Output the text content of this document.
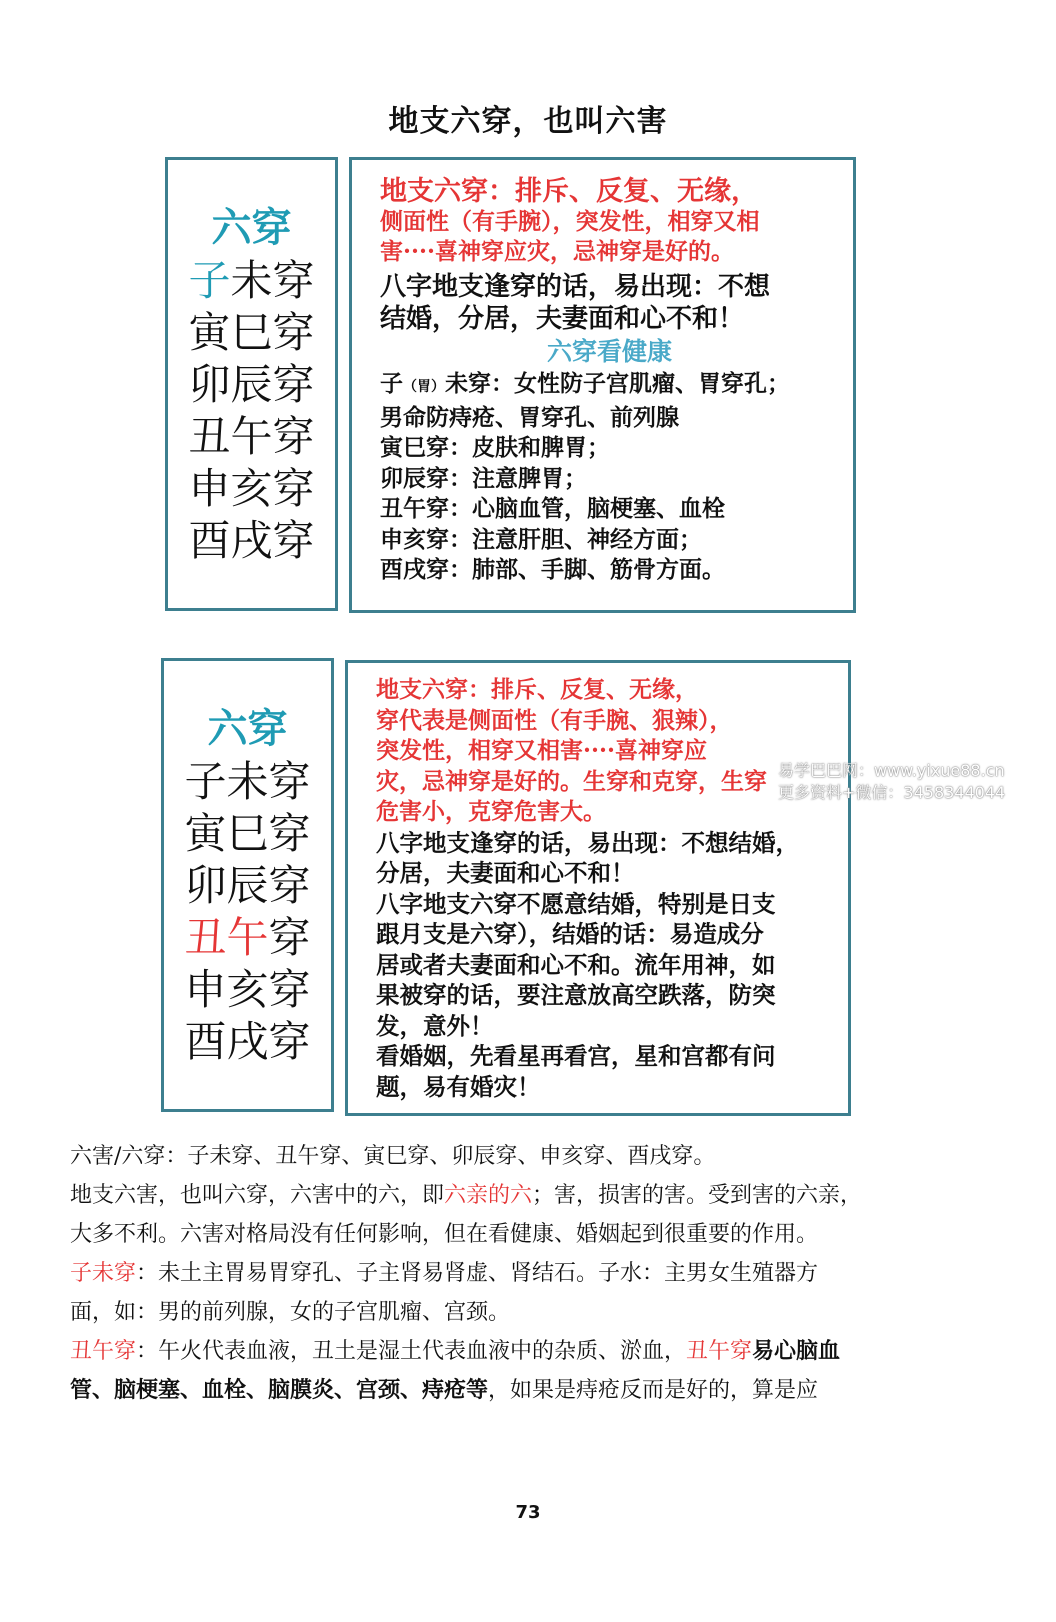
地支六穿，也叫六害
六穿
子未穿
寅巳穿
卯辰穿
丑午穿
申亥穿
酉戌穿

地支六穿：排斥、反复、无缘，

侧面性（有手腕），突发性，相穿又相

害····喜神穿应灾，忌神穿是好的。

八字地支逢穿的话，易出现：不想

结婚，分居，夫妻面和心不和！

六穿看健康

子（胃）未穿：女性防子宫肌瘤、胃穿孔；

男命防痔疮、胃穿孔、前列腺

寅巳穿：皮肤和脾胃；

卯辰穿：注意脾胃；

丑午穿：心脑血管，脑梗塞、血栓

申亥穿：注意肝胆、神经方面；

酉戌穿：肺部、手脚、筋骨方面。

六穿
子未穿
寅巳穿
卯辰穿
丑午穿
申亥穿
酉戌穿

地支六穿：排斥、反复、无缘，

穿代表是侧面性（有手腕、狠辣），

突发性，相穿又相害····喜神穿应

灾，忌神穿是好的。生穿和克穿，生穿

危害小，克穿危害大。

八字地支逢穿的话，易出现：不想结婚，

分居，夫妻面和心不和！

八字地支六穿不愿意结婚，特别是日支

跟月支是六穿），结婚的话：易造成分

居或者夫妻面和心不和。流年用神，如

果被穿的话，要注意放高空跌落，防突

发，意外！

看婚姻，先看星再看宫，星和宫都有问

题，易有婚灾！

易学巴巴网：www.yixue88.cn
更多资料+微信：3458344044

六害/六穿：子未穿、丑午穿、寅巳穿、卯辰穿、申亥穿、酉戌穿。

地支六害，也叫六穿，六害中的六，即六亲的六；害，损害的害。受到害的六亲，

大多不利。六害对格局没有任何影响，但在看健康、婚姻起到很重要的作用。

子未穿：未土主胃易胃穿孔、子主肾易肾虚、肾结石。子水：主男女生殖器方

面，如：男的前列腺，女的子宫肌瘤、宫颈。

丑午穿：午火代表血液，丑土是湿土代表血液中的杂质、淤血，丑午穿易心脑血

管、脑梗塞、血栓、脑膜炎、宫颈、痔疮等，如果是痔疮反而是好的，算是应

73
